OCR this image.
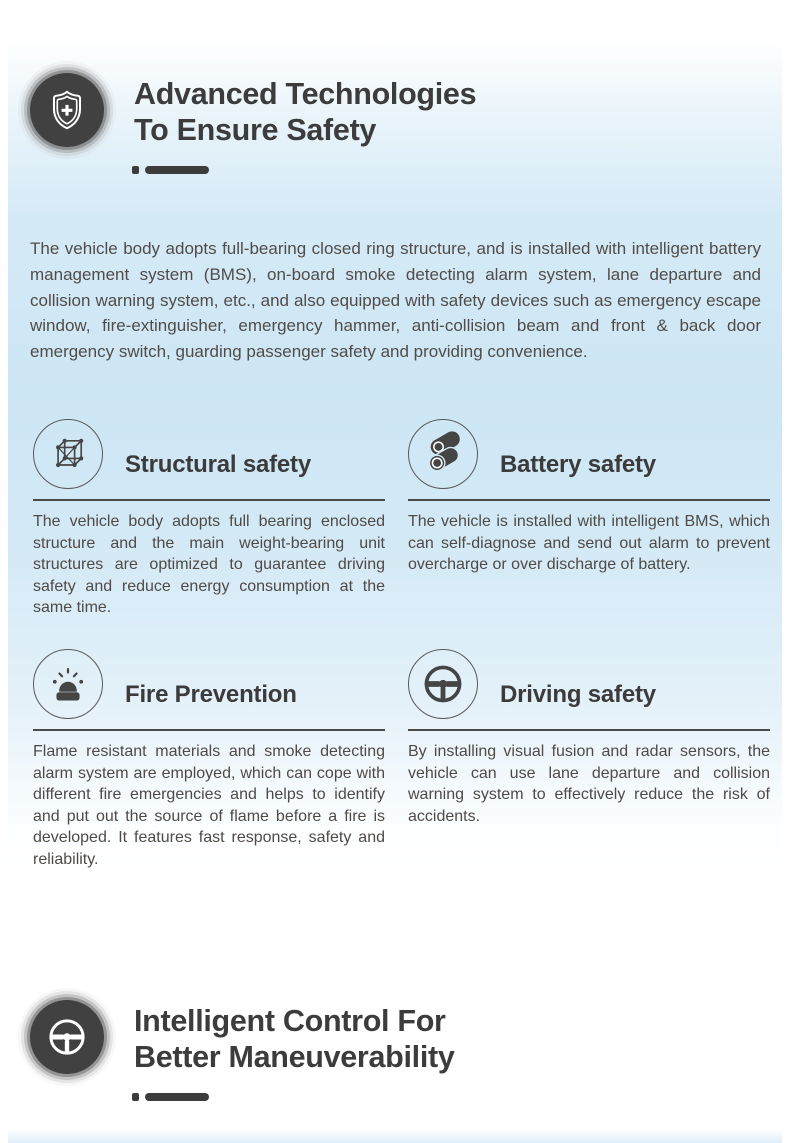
Advanced Technologies
To Ensure Safety
The vehicle body adopts full-bearing closed ring structure, and is installed with intelligent battery management system (BMS), on-board smoke detecting alarm system, lane departure and collision warning system, etc., and also equipped with safety devices such as emergency escape window, fire-extinguisher, emergency hammer, anti-collision beam and front & back door emergency switch, guarding passenger safety and providing convenience.
Structural safety
The vehicle body adopts full bearing enclosed structure and the main weight-bearing unit structures are optimized to guarantee driving safety and reduce energy consumption at the same time.
Battery safety
The vehicle is installed with intelligent BMS, which can self-diagnose and send out alarm to prevent overcharge or over discharge of battery.
Fire Prevention
Flame resistant materials and smoke detecting alarm system are employed, which can cope with different fire emergencies and helps to identify and put out the source of flame before a fire is developed. It features fast response, safety and reliability.
Driving safety
By installing visual fusion and radar sensors, the vehicle can use lane departure and collision warning system to effectively reduce the risk of accidents.
Intelligent Control For
Better Maneuverability
